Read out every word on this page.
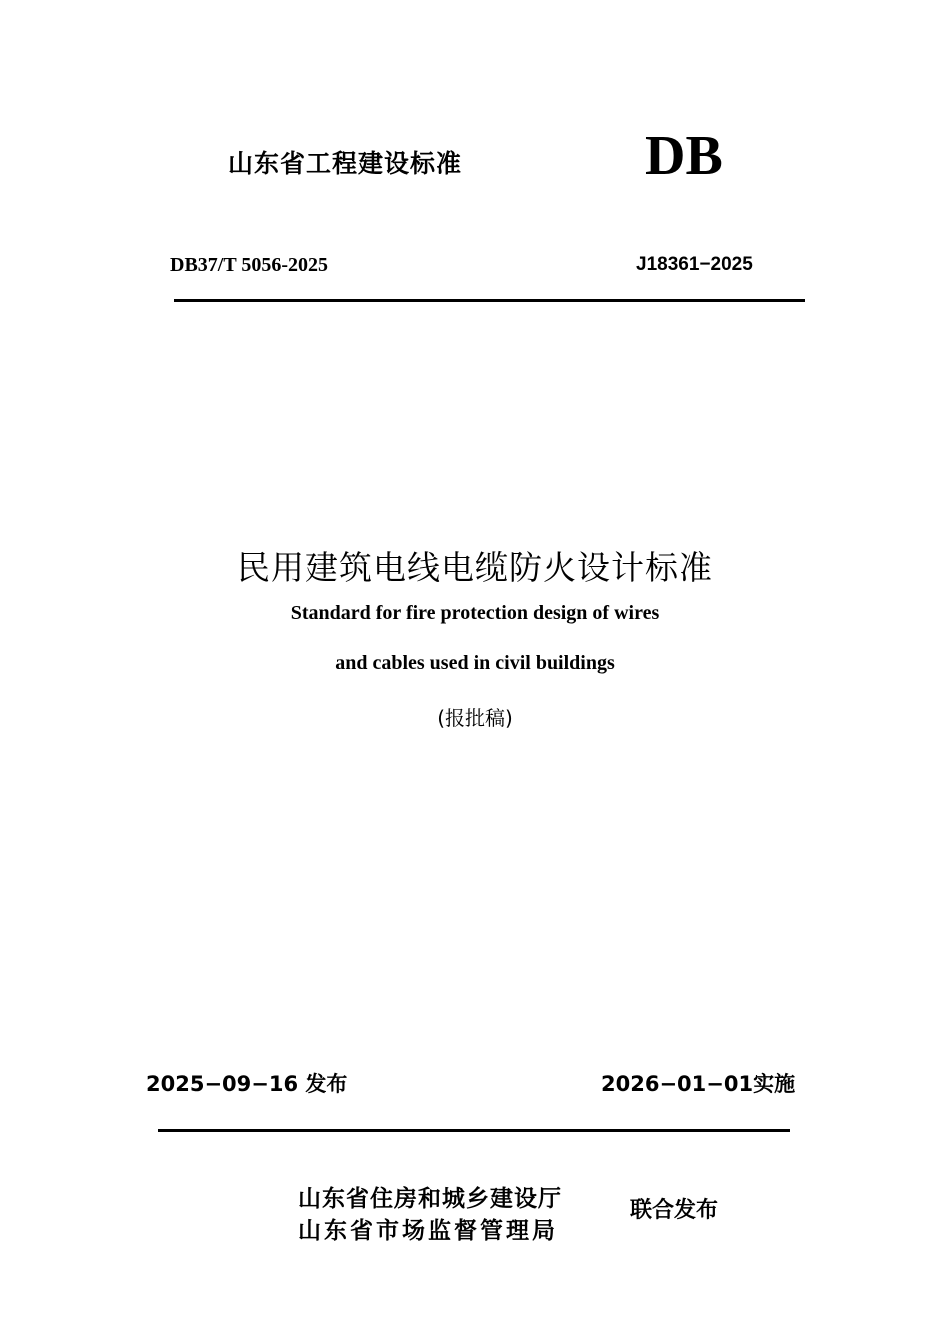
山东省工程建设标准	DB
DB37/T 5056-2025	J18361−2025
民用建筑电线电缆防火设计标准
Standard for fire protection design of wires
and cables used in civil buildings
(报批稿)
2025−09−16 发布	2026−01−01实施
山东省住房和城乡建设厅
山东省市场监督管理局
联合发布
